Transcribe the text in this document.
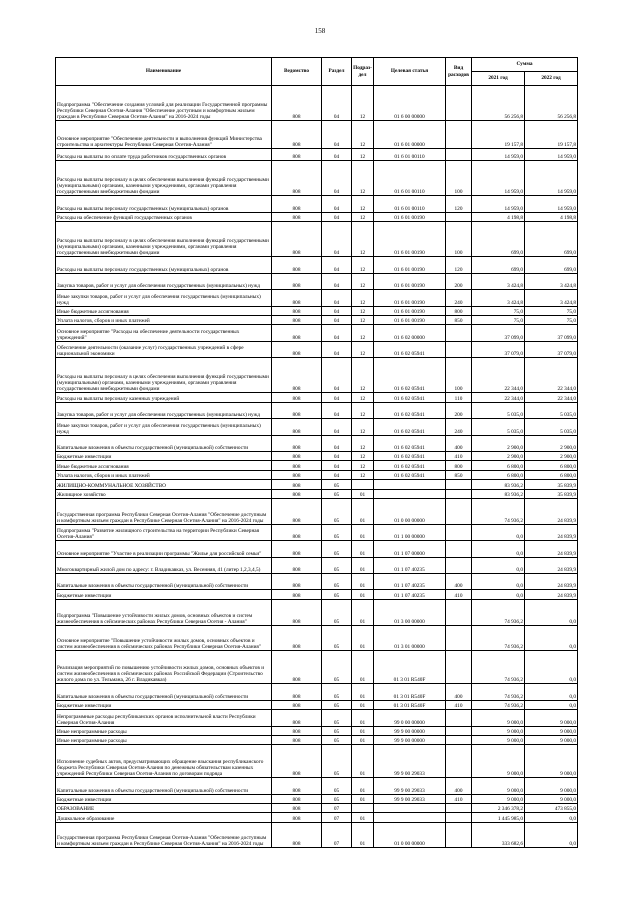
158
Наименование	Ведомство	Раздел	Подраз-дел	Целевая статья	Вид расходов	Сумма	
						2021 год	2022 год
Подпрограмма "Обеспечение создания условий для реализации Государственной программы Республики Северная Осетия-Алания "Обеспечение доступным и комфортным жильем граждан в Республике Северная Осетия-Алания" на 2016-2024 годы	808	04	12	01 6 00 00000		56 256,8	56 256,8
Основное мероприятие "Обеспечение деятельности и выполнения функций Министерства строительства и архитектуры Республики Северная Осетия-Алания"	808	04	12	01 6 01 00000		19 157,8	19 157,8
Расходы на выплаты по оплате труда работников государственных органов	808	04	12	01 6 01 00110		14 959,0	14 959,0
Расходы на выплаты персоналу в целях обеспечения выполнения функций государственными (муниципальными) органами, казенными учреждениями, органами управления государственными внебюджетными фондами	808	04	12	01 6 01 00110	100	14 959,0	14 959,0
Расходы на выплаты персоналу государственных (муниципальных) органов	808	04	12	01 6 01 00110	120	14 959,0	14 959,0
Расходы на обеспечение функций государственных органов	808	04	12	01 6 01 00190		4 198,8	4 198,8
Расходы на выплаты персоналу в целях обеспечения выполнения функций государственными (муниципальными) органами, казенными учреждениями, органами управления государственными внебюджетными фондами	808	04	12	01 6 01 00190	100	699,0	699,0
Расходы на выплаты персоналу государственных (муниципальных) органов	808	04	12	01 6 01 00190	120	699,0	699,0
Закупка товаров, работ и услуг для обеспечения государственных (муниципальных) нужд	808	04	12	01 6 01 00190	200	3 424,8	3 424,8
Иные закупки товаров, работ и услуг для обеспечения государственных (муниципальных) нужд	808	04	12	01 6 01 00190	240	3 424,8	3 424,8
Иные бюджетные ассигнования	808	04	12	01 6 01 00190	800	75,0	75,0
Уплата налогов, сборов и иных платежей	808	04	12	01 6 01 00190	850	75,0	75,0
Основное мероприятие "Расходы на обеспечение деятельности государственных учреждений"	808	04	12	01 6 02 00000		37 099,0	37 099,0
Обеспечение деятельности (оказание услуг) государственных учреждений в сфере национальной экономики	808	04	12	01 6 02 05941		37 079,0	37 079,0
Расходы на выплаты персоналу в целях обеспечения выполнения функций государственными (муниципальными) органами, казенными учреждениями, органами управления государственными внебюджетными фондами	808	04	12	01 6 02 05941	100	22 344,0	22 344,0
Расходы на выплаты персоналу казенных учреждений	808	04	12	01 6 02 05941	110	22 344,0	22 344,0
Закупка товаров, работ и услуг для обеспечения государственных (муниципальных) нужд	808	04	12	01 6 02 05941	200	5 035,0	5 035,0
Иные закупки товаров, работ и услуг для обеспечения государственных (муниципальных) нужд	808	04	12	01 6 02 05941	240	5 035,0	5 035,0
Капитальные вложения в объекты государственной (муниципальной) собственности	808	04	12	01 6 02 05941	400	2 900,0	2 900,0
Бюджетные инвестиции	808	04	12	01 6 02 05941	410	2 900,0	2 900,0
Иные бюджетные ассигнования	808	04	12	01 6 02 05941	800	6 800,0	6 800,0
Уплата налогов, сборов и иных платежей	808	04	12	01 6 02 05941	850	6 800,0	6 800,0
ЖИЛИЩНО-КОММУНАЛЬНОЕ ХОЗЯЙСТВО	808	05				83 936,2	35 839,9
Жилищное хозяйство	808	05	01			83 936,2	35 839,9
Государственная программа Республики Северная Осетия-Алания "Обеспечение доступным и комфортным жильем граждан в Республике Северная Осетия-Алания" на 2016-2024 годы	808	05	01	01 0 00 00000		74 936,2	24 839,9
Подпрограмма "Развитие жилищного строительства на территории Республики Северная Осетия-Алания"	808	05	01	01 1 00 00000		0,0	24 839,9
Основное мероприятие "Участие в реализации программы "Жилье для российской семьи"	808	05	01	01 1 07 00000		0,0	24 839,9
Многоквартирный жилой дом по адресу: г. Владикавказ, ул. Весенняя, 41 (литер 1,2,3,4,5)	808	05	01	01 1 07 40235		0,0	24 839,9
Капитальные вложения в объекты государственной (муниципальной) собственности	808	05	01	01 1 07 40235	400	0,0	24 839,9
Бюджетные инвестиции	808	05	01	01 1 07 40235	410	0,0	24 839,9
Подпрограмма "Повышение устойчивости жилых домов, основных объектов и систем жизнеобеспечения в сейсмических районах Республики Северная Осетия - Алания"	808	05	01	01 3 00 00000		74 936,2	0,0
Основное мероприятие "Повышение устойчивости жилых домов, основных объектов и систем жизнеобеспечения в сейсмических районах Республики Северная Осетия-Алания"	808	05	01	01 3 01 00000		74 936,2	0,0
Реализация мероприятий по повышению устойчивости жилых домов, основных объектов и систем жизнеобеспечения в сейсмических районах Российской Федерации (Строительство жилого дома по ул. Тельмана, 26 г. Владикавказ)	808	05	01	01 3 01 R540F		74 936,2	0,0
Капитальные вложения в объекты государственной (муниципальной) собственности	808	05	01	01 3 01 R540F	400	74 936,2	0,0
Бюджетные инвестиции	808	05	01	01 3 01 R540F	410	74 936,2	0,0
Непрограммные расходы республиканских органов исполнительной власти Республики Северная Осетия-Алания	808	05	01	99 0 00 00000		9 000,0	9 000,0
Иные непрограммные расходы	808	05	01	99 9 00 00000		9 000,0	9 000,0
Иные непрограммные расходы	808	05	01	99 9 00 00000		9 000,0	9 000,0
Исполнение судебных актов, предусматривающих обращение взыскания республиканского бюджета Республики Северная Осетия-Алания по денежным обязательствам казенных учреждений Республики Северная Осетия-Алания по договорам подряда	808	05	01	99 9 00 29033		9 000,0	9 000,0
Капитальные вложения в объекты государственной (муниципальной) собственности	808	05	01	99 9 00 29033	400	9 000,0	9 000,0
Бюджетные инвестиции	808	05	01	99 9 00 29033	410	9 000,0	9 000,0
ОБРАЗОВАНИЕ	808	07				2 346 378,2	473 855,0
Дошкольное образование	808	07	01			1 445 985,0	0,0
Государственная программа Республики Северная Осетия-Алания "Обеспечение доступным и комфортным жильем граждан в Республике Северная Осетия-Алания" на 2016-2024 годы	808	07	01	01 0 00 00000		333 682,6	0,0
